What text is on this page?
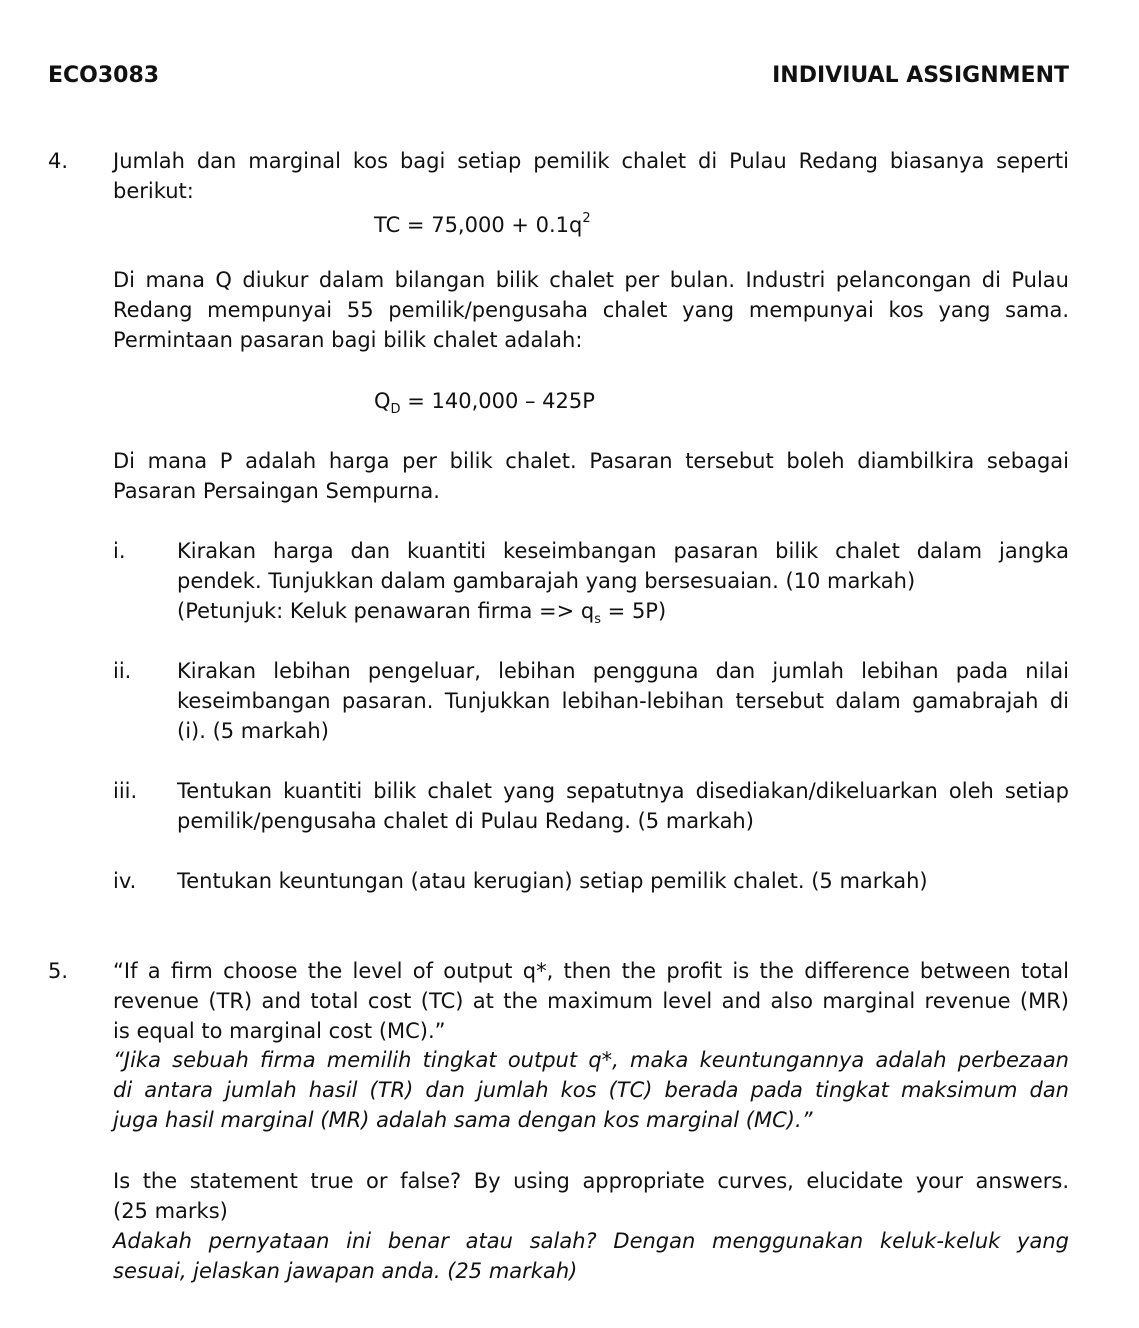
ECO3083	INDIVIUAL ASSIGNMENT
4. Jumlah dan marginal kos bagi setiap pemilik chalet di Pulau Redang biasanya seperti
berikut:
TC = $75,000 + 0.1q^2$
Di mana Q diukur dalam bilangan bilik chalet per bulan. Industri pelancongan di Pulau
Redang mempunyai 55 pemilik/pengusaha chalet yang mempunyai kos yang sama.
Permintaan pasaran bagi bilik chalet adalah:
$Q_D = 140,000 - 425P$
Di mana P adalah harga per bilik chalet. Pasaran tersebut boleh diambilkira sebagai
Pasaran Persaingan Sempurna.
i. Kirakan harga dan kuantiti keseimbangan pasaran bilik chalet dalam jangka
pendek. Tunjukkan dalam gambarajah yang bersesuaian. (10 markah)
(Petunjuk: Keluk penawaran firma => $q_s = 5P$)
ii. Kirakan lebihan pengeluar, lebihan pengguna dan jumlah lebihan pada nilai
keseimbangan pasaran. Tunjukkan lebihan-lebihan tersebut dalam gamabrajah di
(i). (5 markah)
iii. Tentukan kuantiti bilik chalet yang sepatutnya disediakan/dikeluarkan oleh setiap
pemilik/pengusaha chalet di Pulau Redang. (5 markah)
iv. Tentukan keuntungan (atau kerugian) setiap pemilik chalet. (5 markah)
5. “If a firm choose the level of output q*, then the profit is the difference between total
revenue (TR) and total cost (TC) at the maximum level and also marginal revenue (MR)
is equal to marginal cost (MC).”
“Jika sebuah firma memilih tingkat output q*, maka keuntungannya adalah perbezaan
di antara jumlah hasil (TR) dan jumlah kos (TC) berada pada tingkat maksimum dan
juga hasil marginal (MR) adalah sama dengan kos marginal (MC).”
Is the statement true or false? By using appropriate curves, elucidate your answers.
(25 marks)
Adakah pernyataan ini benar atau salah? Dengan menggunakan keluk-keluk yang
sesuai, jelaskan jawapan anda. (25 markah)
